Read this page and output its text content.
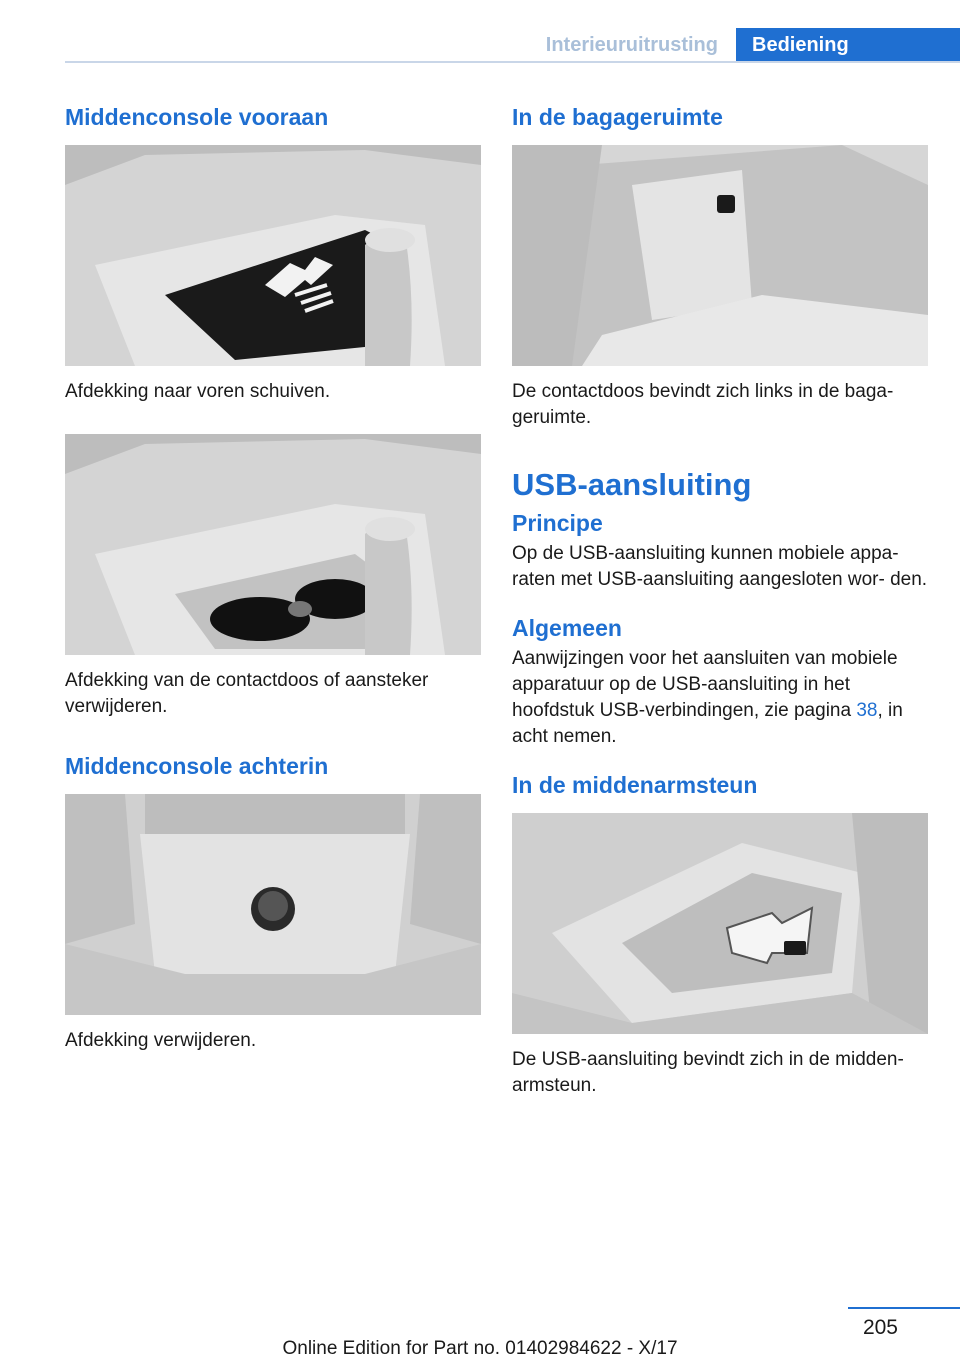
Interieuruitrusting	Bediening
Middenconsole vooraan

Afdekking naar voren schuiven.

Afdekking van de contactdoos of aansteker verwijderen.

Middenconsole achterin

Afdekking verwijderen.

In de bagageruimte

De contactdoos bevindt zich links in de baga‐ geruimte.

USB-aansluiting
Principe

Op de USB-aansluiting kunnen mobiele appa‐ raten met USB-aansluiting aangesloten wor‐ den.

Algemeen

Aanwijzingen voor het aansluiten van mobiele apparatuur op de USB-aansluiting in het hoofdstuk USB-verbindingen, zie pagina 38, in acht nemen.

In de middenarmsteun

De USB-aansluiting bevindt zich in de midden‐ armsteun.

205
Online Edition for Part no. 01402984622 - X/17
